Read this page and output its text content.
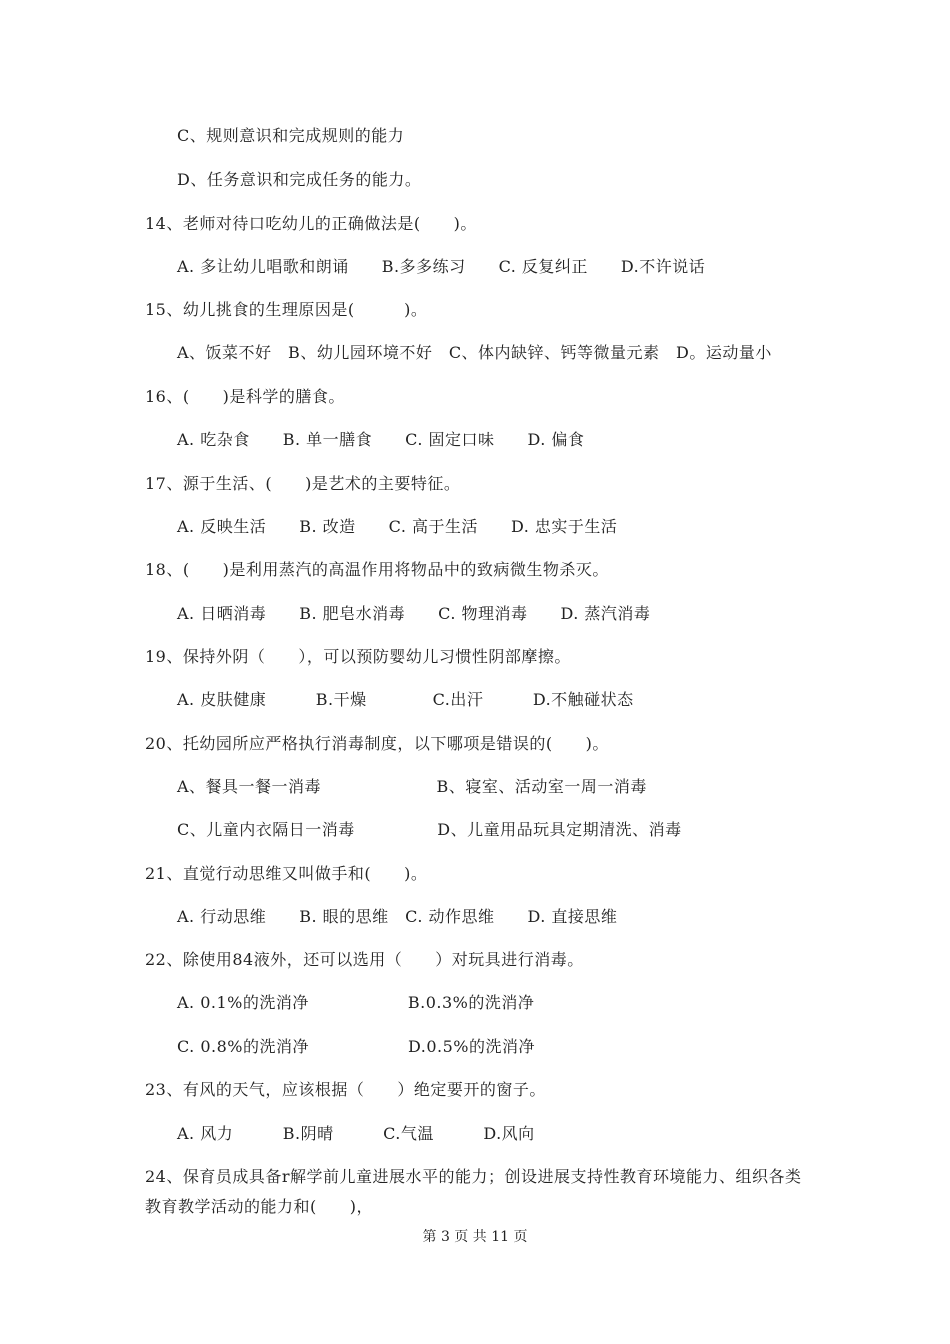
C、规则意识和完成规则的能力
D、任务意识和完成任务的能力。
14、老师对待口吃幼儿的正确做法是(　　)。
A. 多让幼儿唱歌和朗诵　　B.多多练习　　C. 反复纠正　　D.不许说话
15、幼儿挑食的生理原因是(　　　)。
A、饭菜不好　B、幼儿园环境不好　C、体内缺锌、钙等微量元素　D。运动量小
16、(　　)是科学的膳食。
A. 吃杂食　　B. 单一膳食　　C. 固定口味　　D. 偏食
17、源于生活、(　　)是艺术的主要特征。
A. 反映生活　　B. 改造　　C. 高于生活　　D. 忠实于生活
18、(　　)是利用蒸汽的高温作用将物品中的致病微生物杀灭。
A. 日晒消毒　　B. 肥皂水消毒　　C. 物理消毒　　D. 蒸汽消毒
19、保持外阴（　　），可以预防婴幼儿习惯性阴部摩擦。
A. 皮肤健康　　　B.干燥　　　　C.出汗　　　D.不触碰状态
20、托幼园所应严格执行消毒制度，以下哪项是错误的(　　)。
A、餐具一餐一消毒　　　　　　　B、寝室、活动室一周一消毒
C、儿童内衣隔日一消毒　　　　　D、儿童用品玩具定期清洗、消毒
21、直觉行动思维又叫做手和(　　)。
A. 行动思维　　B. 眼的思维　C. 动作思维　　D. 直接思维
22、除使用84液外，还可以选用（　　）对玩具进行消毒。
A. 0.1%的洗消净　　　　　　B.0.3%的洗消净
C. 0.8%的洗消净　　　　　　D.0.5%的洗消净
23、有风的天气，应该根据（　　）绝定要开的窗子。
A. 风力　　　B.阴晴　　　C.气温　　　D.风向
24、保育员成具备r解学前儿童进展水平的能力；创设进展支持性教育环境能力、组织各类
教育教学活动的能力和(　　)，
第 3 页 共 11 页
